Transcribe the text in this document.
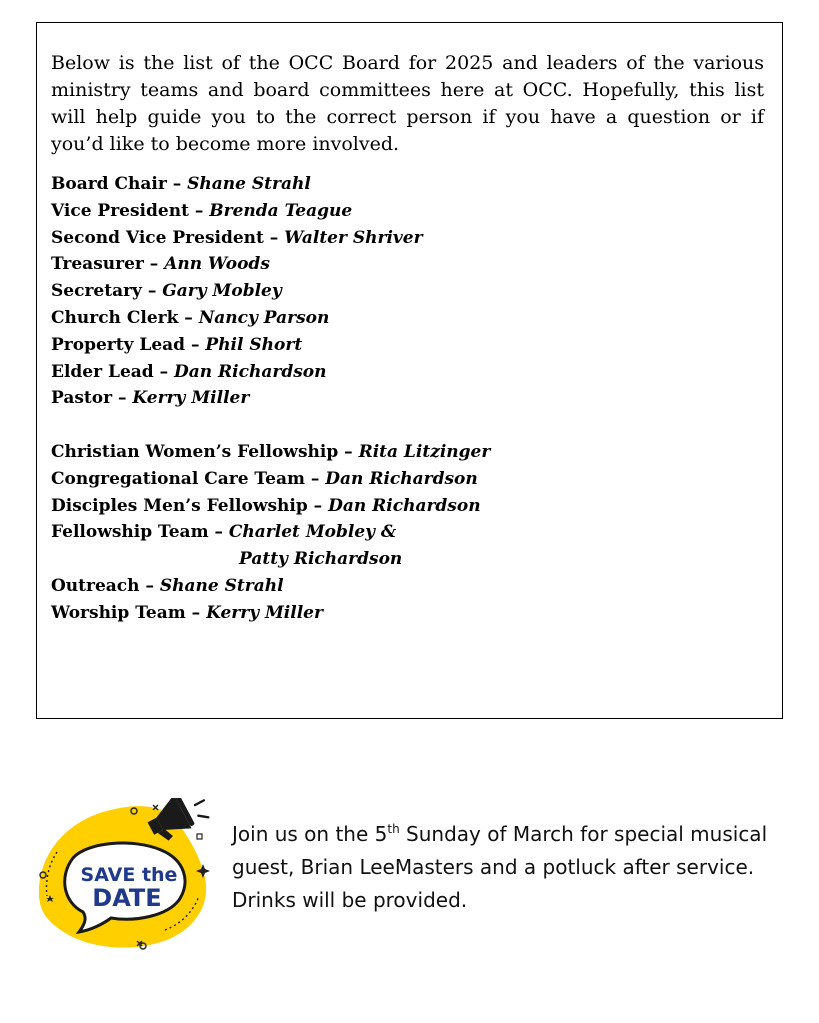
Below is the list of the OCC Board for 2025 and leaders of the various ministry teams and board committees here at OCC. Hopefully, this list will help guide you to the correct person if you have a question or if you’d like to become more involved.

Board Chair – Shane Strahl
Vice President – Brenda Teague
Second Vice President – Walter Shriver
Treasurer – Ann Woods
Secretary – Gary Mobley
Church Clerk – Nancy Parson
Property Lead – Phil Short
Elder Lead – Dan Richardson
Pastor – Kerry Miller
Christian Women’s Fellowship – Rita Litzinger
Congregational Care Team – Dan Richardson
Disciples Men’s Fellowship – Dan Richardson
Fellowship Team – Charlet Mobley &
Patty Richardson
Outreach – Shane Strahl
Worship Team – Kerry Miller
SAVE the
DATE
Join us on the 5th Sunday of March for special musical guest, Brian LeeMasters and a potluck after service. Drinks will be provided.
